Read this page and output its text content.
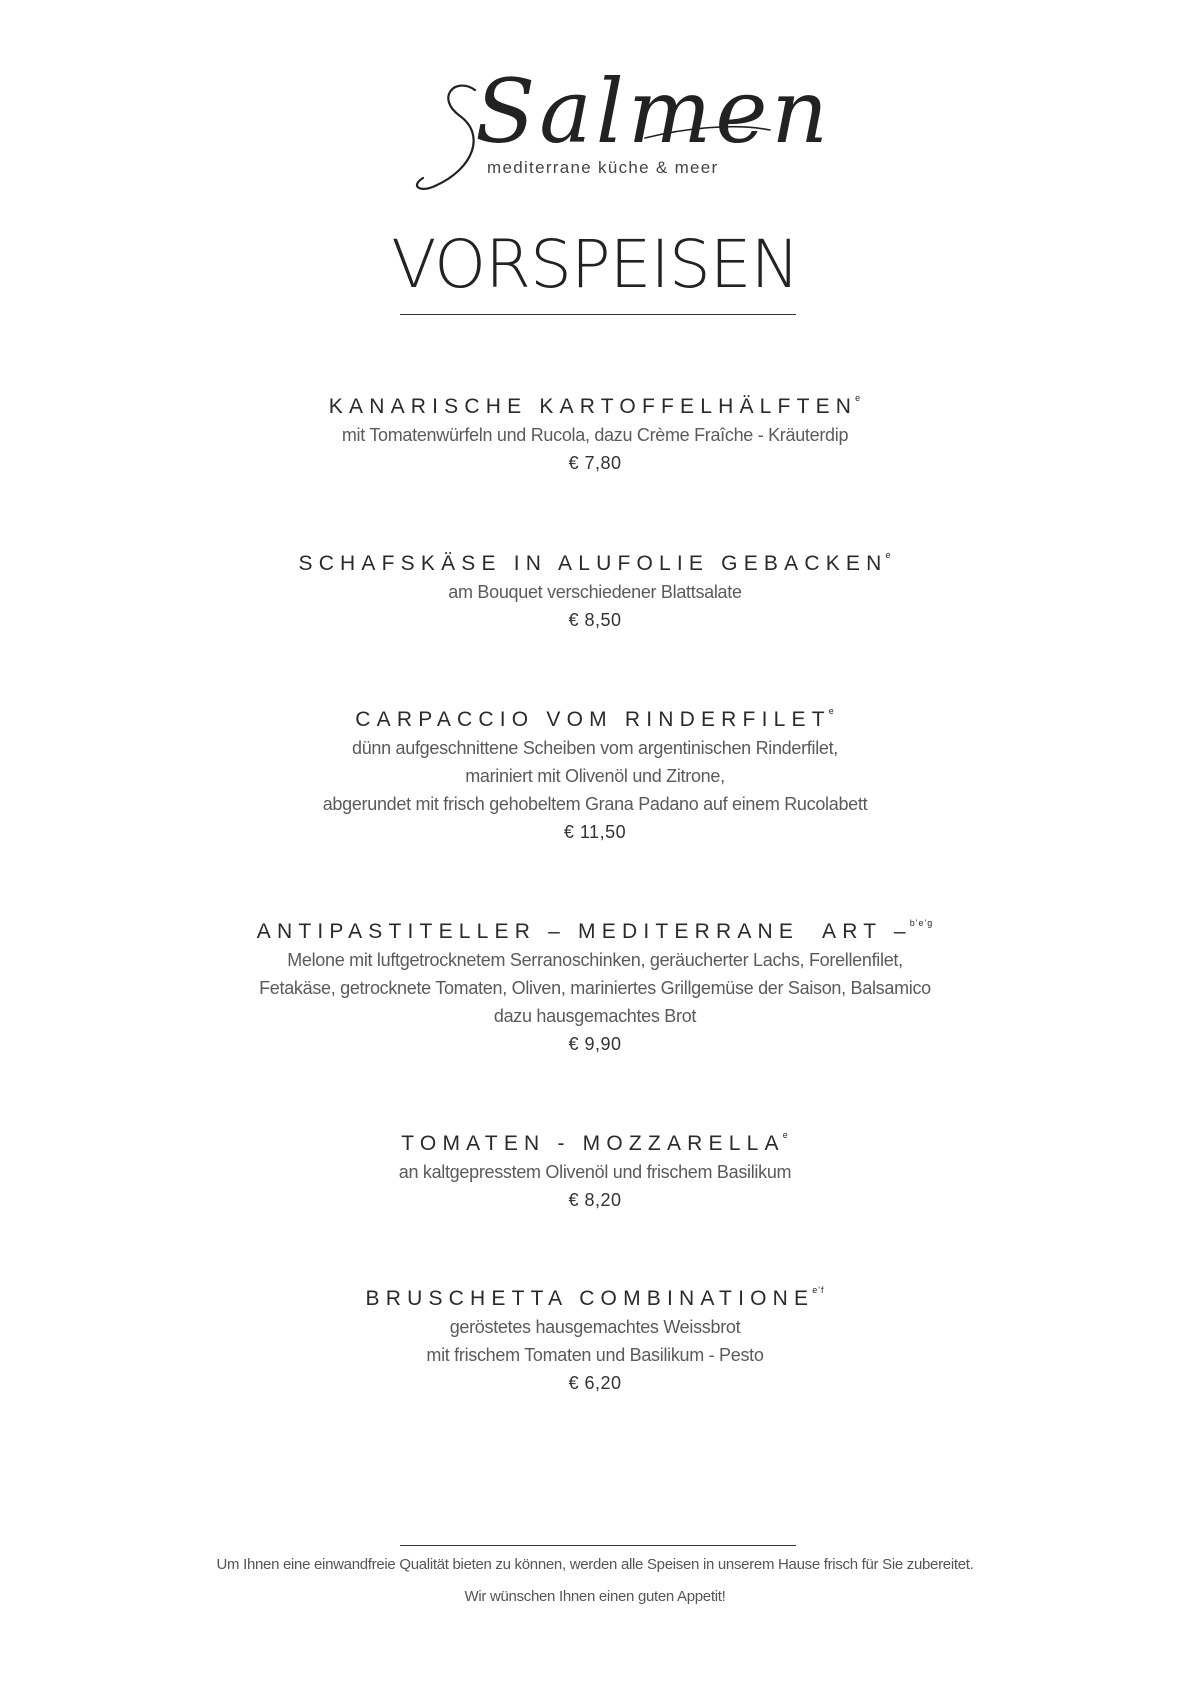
Salmen
mediterrane küche & meer
VORSPEISEN
KANARISCHE KARTOFFELHÄLFTEN$^e$
mit Tomatenwürfeln und Rucola, dazu Crème Fraîche - Kräuterdip
€ 7,80
SCHAFSKÄSE IN ALUFOLIE GEBACKEN$^e$
am Bouquet verschiedener Blattsalate
€ 8,50
CARPACCIO VOM RINDERFILET$^e$
dünn aufgeschnittene Scheiben vom argentinischen Rinderfilet,
mariniert mit Olivenöl und Zitrone,
abgerundet mit frisch gehobeltem Grana Padano auf einem Rucolabett
€ 11,50
ANTIPASTITELLER – MEDITERRANE  ART –$^{b'e'g}$
Melone mit luftgetrocknetem Serranoschinken, geräucherter Lachs, Forellenfilet,
Fetakäse, getrocknete Tomaten, Oliven, mariniertes Grillgemüse der Saison, Balsamico
dazu hausgemachtes Brot
€ 9,90
TOMATEN - MOZZARELLA$^e$
an kaltgepresstem Olivenöl und frischem Basilikum
€ 8,20
BRUSCHETTA $COMBINATIONE^{e'f}$
geröstetes hausgemachtes Weissbrot
mit frischem Tomaten und Basilikum - Pesto
€ 6,20
Um Ihnen eine einwandfreie Qualität bieten zu können, werden alle Speisen in unserem Hause frisch für Sie zubereitet.
Wir wünschen Ihnen einen guten Appetit!
